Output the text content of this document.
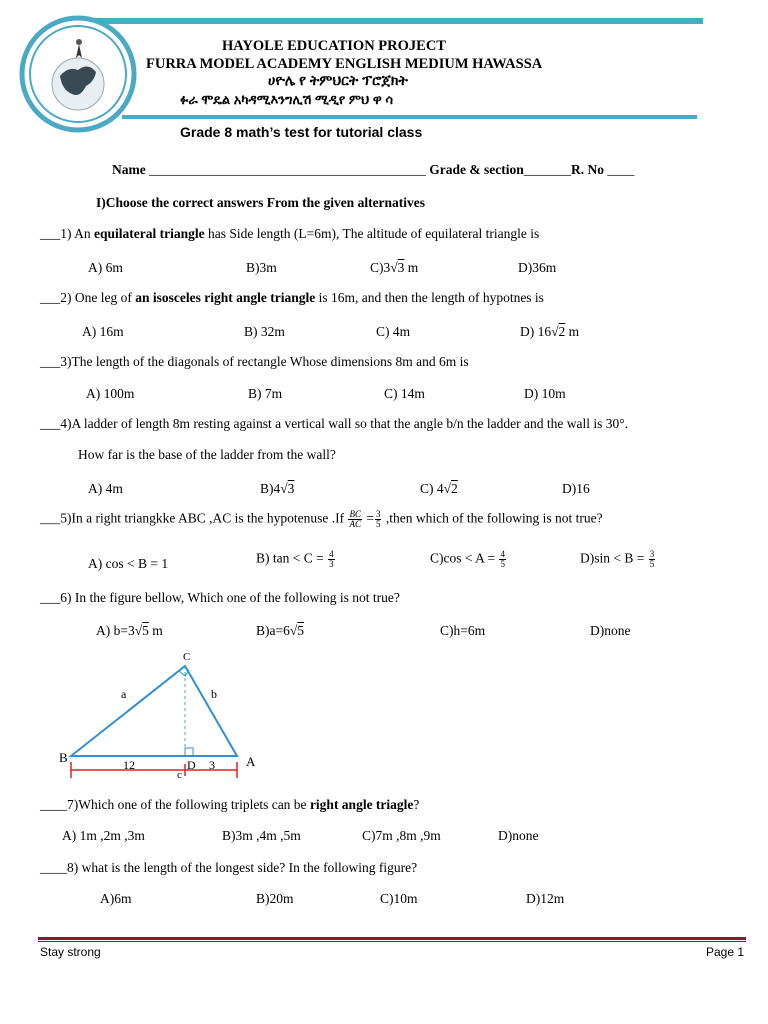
HAYOLE EDUCATION PROJECT
FURRA MODEL ACADEMY ENGLISH MEDIUM HAWASSA
ሀዮሌ የ ትምህርት ፕሮጀክት
ፉራ ሞዴል አካዳሚእንግሊሽ ሚዲየ ምህ ዋ ሳ
Grade 8 math’s test for tutorial class
Name _________________________________________ Grade & section_______R. No ____
I)Choose the correct answers From the given alternatives
___1) An equilateral triangle has Side length (L=6m), The altitude of equilateral triangle is
A) 6m	B)3m	C)3√3 m	D)36m
___2) One leg of an isosceles right angle triangle is 16m, and then the length of hypotnes is
A) 16m	B) 32m	C) 4m	D) 16√2 m
___3)The length of the diagonals of rectangle Whose dimensions 8m and 6m is
A) 100m	B) 7m	C) 14m	D) 10m
___4)A ladder of length 8m resting against a vertical wall so that the angle b/n the ladder and the wall is 30°.
How far is the base of the ladder from the wall?
A) 4m	B)4√3	C) 4√2	D)16
___5)In a right triangkke ABC ,AC is the hypotenuse $.If \frac{BC}{AC} = \frac{3}{5}$ ,then which of the following is not true?
A) cos < B = 1	B) $\tan < C = \frac{4}{3}$	$C)\cos < A = \frac{4}{5}$	$D)\sin < B = \frac{3}{5}$
___6) In the figure bellow, Which one of the following is not true?
A) b=3√5 m	B)a=6√5	C)h=6m	D)none
C
a	b
B	A
D
c
12	3
____7)Which one of the following triplets can be right angle triagle?
A) 1m ,2m ,3m	B)3m ,4m ,5m	C)7m ,8m ,9m	D)none
____8) what is the length of the longest side? In the following figure?
A)6m	B)20m	C)10m	D)12m
Stay strong	Page 1
